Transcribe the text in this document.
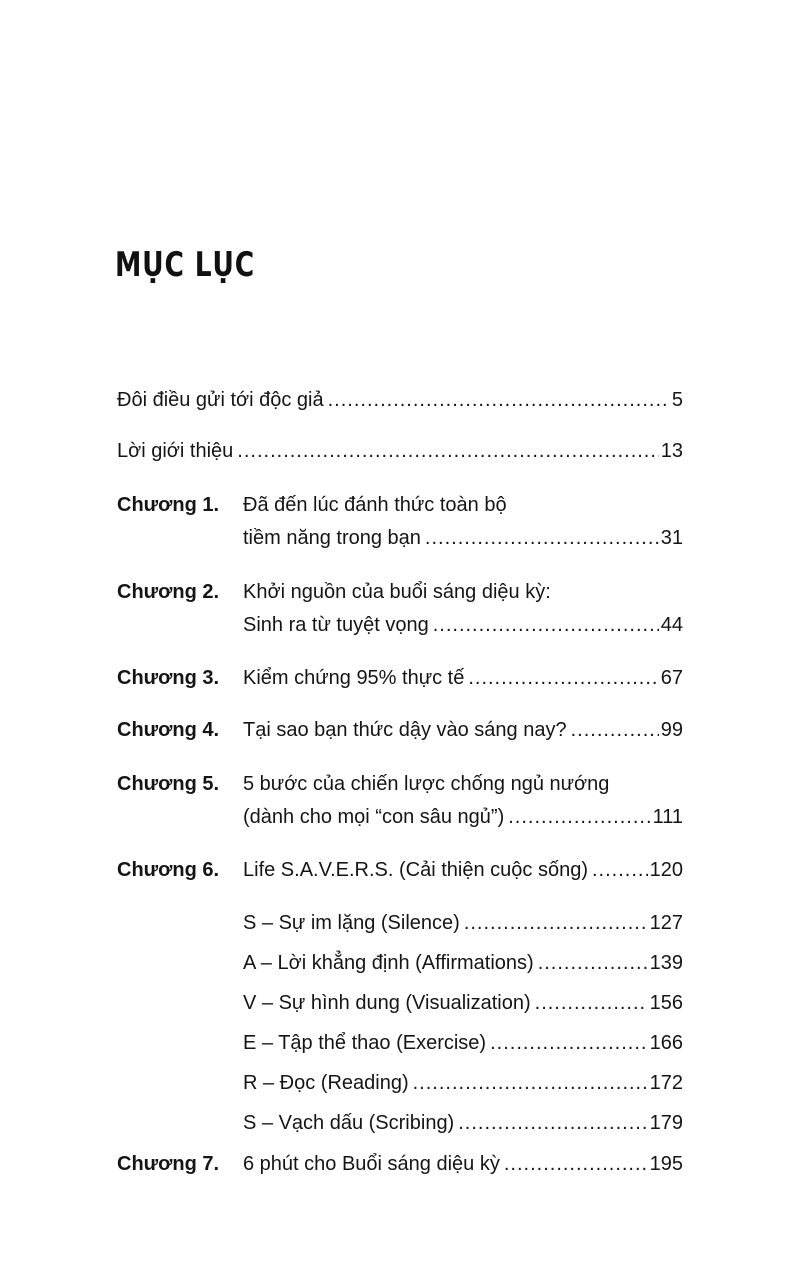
MỤC LỤC
Đôi điều gửi tới độc giả .....	5
Lời giới thiệu .....	13
Chương 1. Đã đến lúc đánh thức toàn bộ
tiềm năng trong bạn .....	31
Chương 2. Khởi nguồn của buổi sáng diệu kỳ:
Sinh ra từ tuyệt vọng .....	44
Chương 3. Kiểm chứng 95% thực tế .....	67
Chương 4. Tại sao bạn thức dậy vào sáng nay? .....	99
Chương 5. 5 bước của chiến lược chống ngủ nướng
(dành cho mọi “con sâu ngủ”) .....	111
Chương 6. Life S.A.V.E.R.S. (Cải thiện cuộc sống) .....	120
S – Sự im lặng (Silence) .....	127
A – Lời khẳng định (Affirmations) .....	139
V – Sự hình dung (Visualization) .....	156
E – Tập thể thao (Exercise) .....	166
R – Đọc (Reading) .....	172
S – Vạch dấu (Scribing) .....	179
Chương 7. 6 phút cho Buổi sáng diệu kỳ .....	195
